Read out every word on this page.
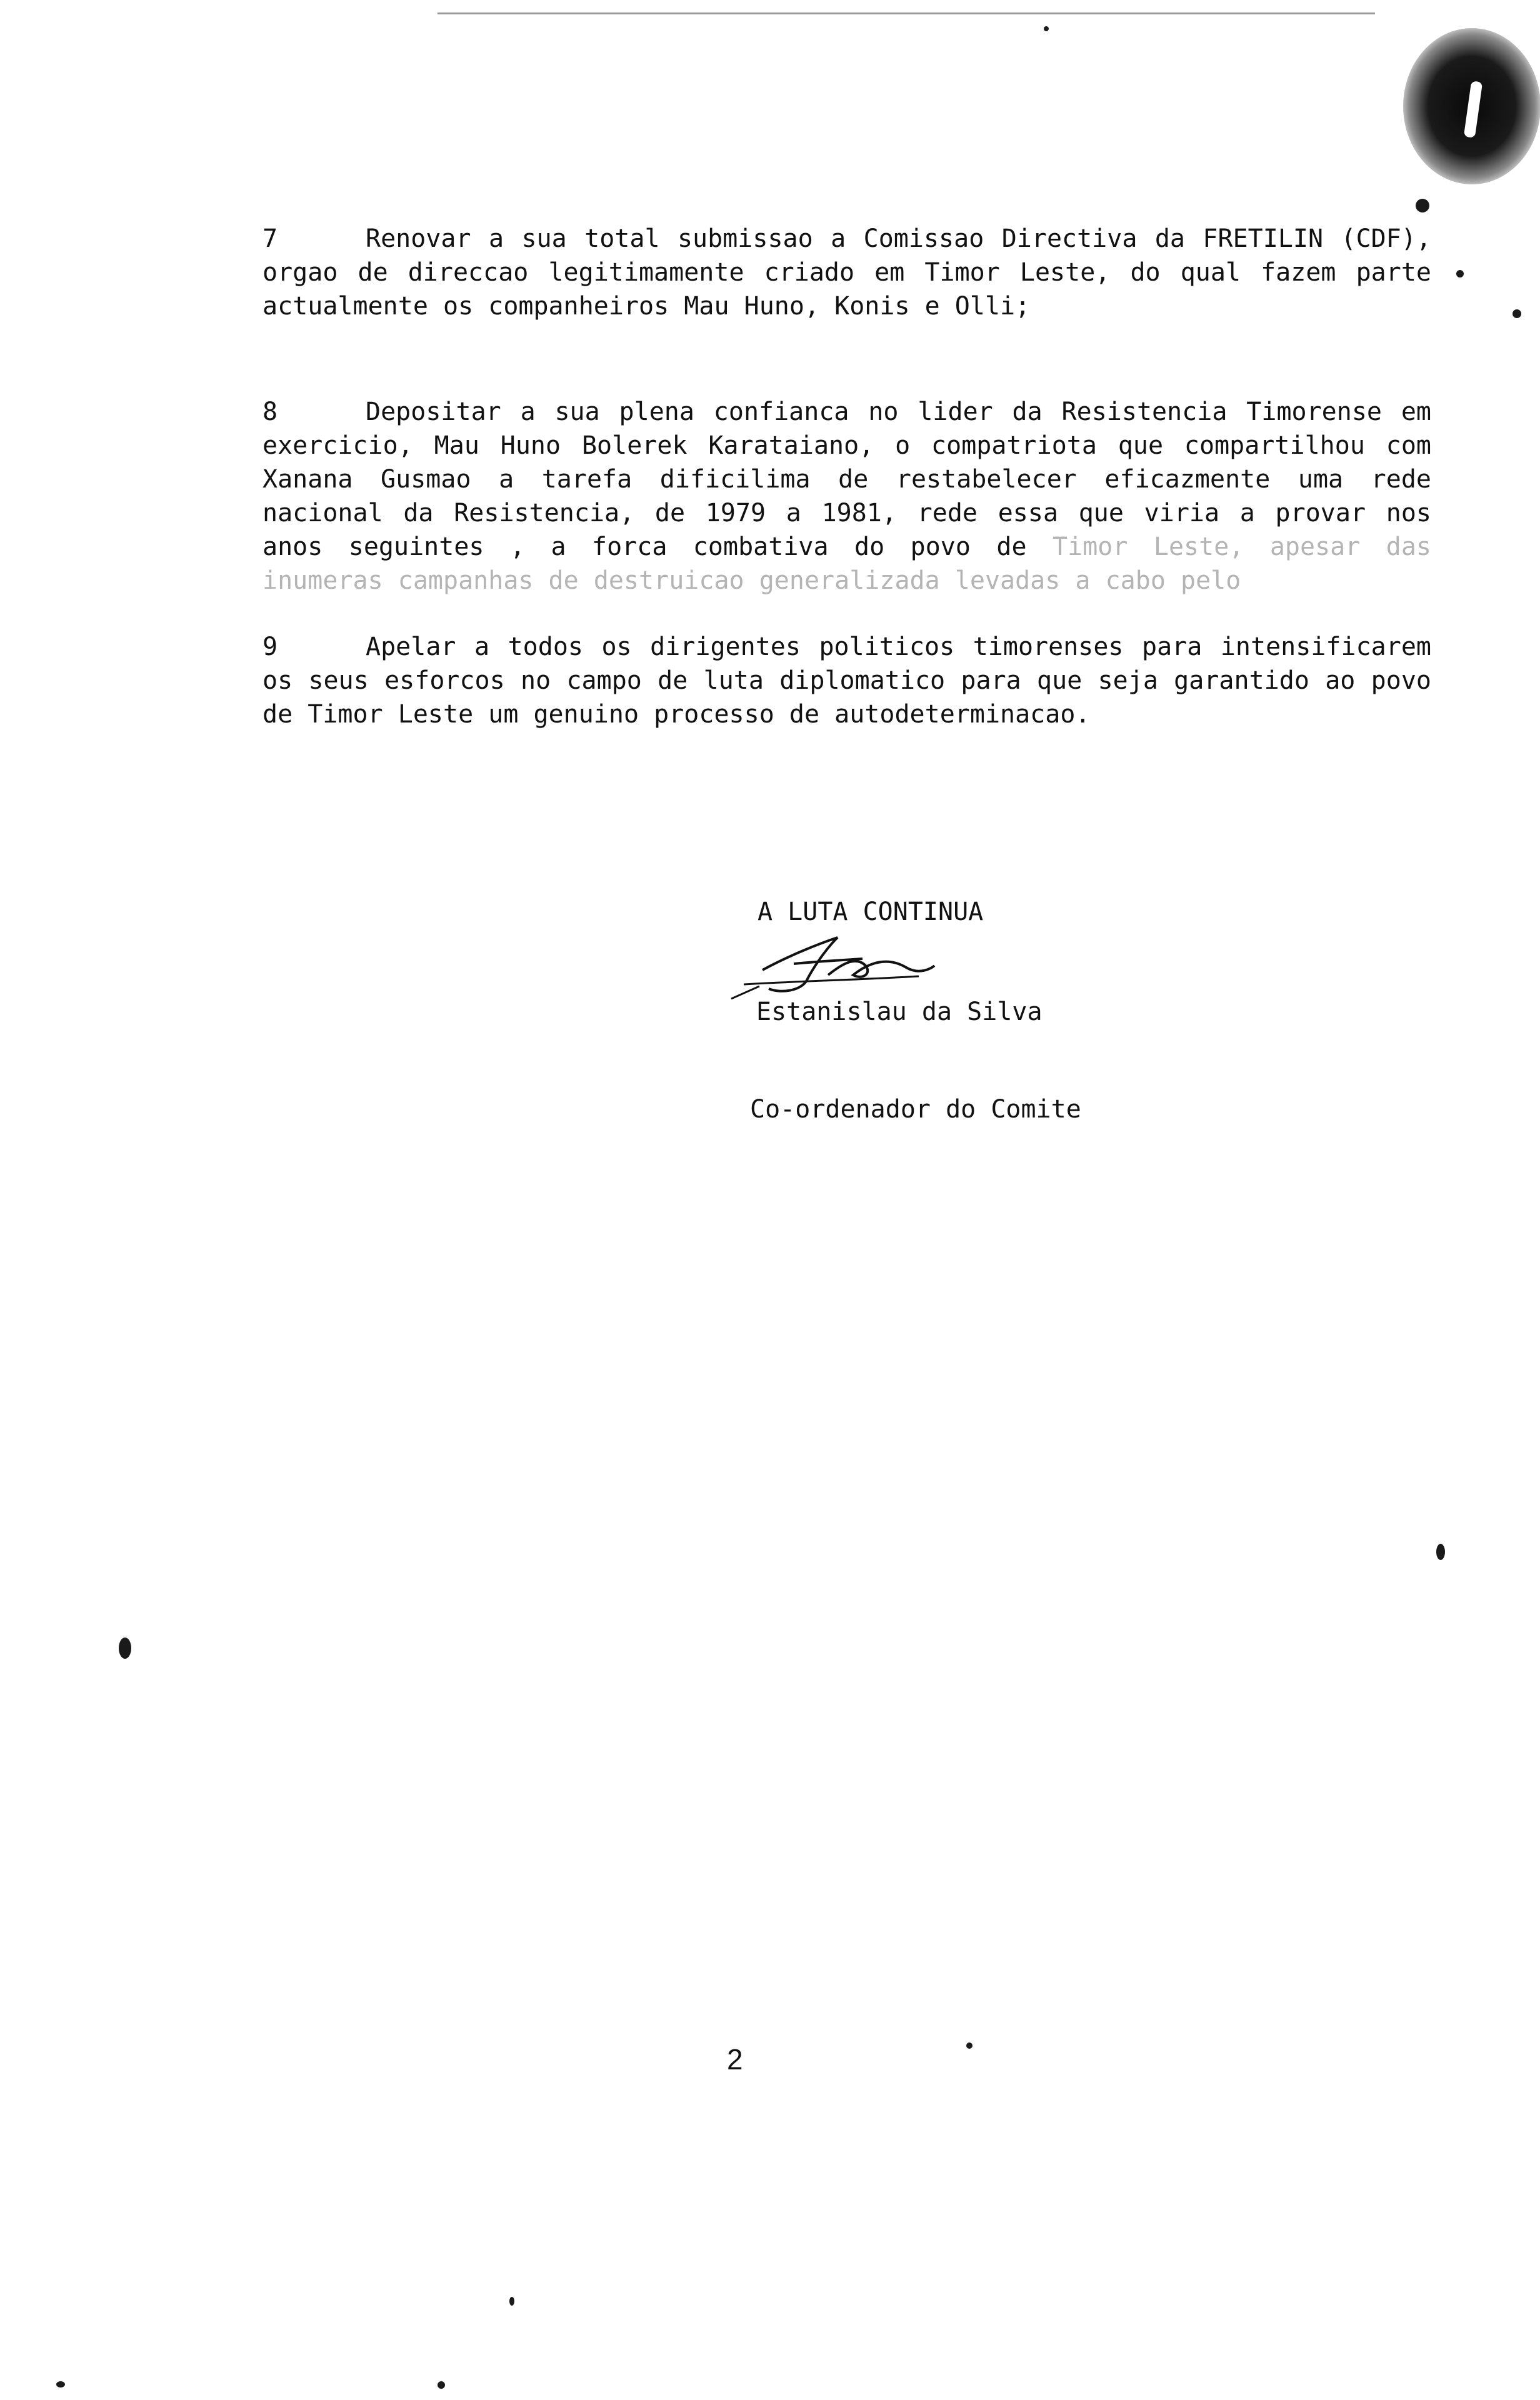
7	Renovar a sua total submissao a Comissao Directiva da FRETILIN (CDF), orgao de direccao legitimamente criado em Timor Leste, do qual fazem parte actualmente os companheiros Mau Huno, Konis e Olli;
8	Depositar a sua plena confianca no lider da Resistencia Timorense em exercicio, Mau Huno Bolerek Karataiano, o compatriota que compartilhou com Xanana Gusmao a tarefa dificilima de restabelecer eficazmente uma rede nacional da Resistencia, de 1979 a 1981, rede essa que viria a provar nos anos seguintes , a forca combativa do povo de Timor Leste, apesar das inumeras campanhas de destruicao generalizada levadas a cabo pelo
9	Apelar a todos os dirigentes politicos timorenses para intensificarem os seus esforcos no campo de luta diplomatico para que seja garantido ao povo de Timor Leste um genuino processo de autodeterminacao.
A LUTA CONTINUA
Estanislau da Silva
Co-ordenador do Comite
2
